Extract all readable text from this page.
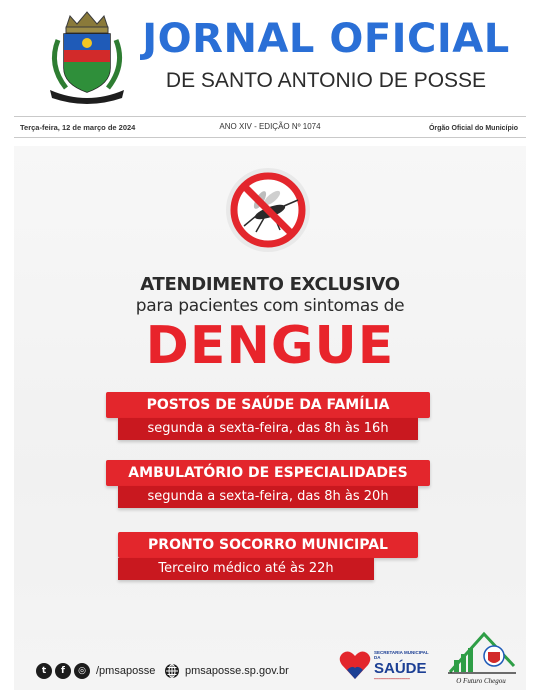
JORNAL OFICIAL
DE SANTO ANTONIO DE POSSE
Terça-feira, 12 de março de 2024	ANO XIV - EDIÇÃO Nº 1074	Órgão Oficial do Município
ATENDIMENTO EXCLUSIVO
para pacientes com sintomas de
DENGUE
POSTOS DE SAÚDE DA FAMÍLIA
segunda a sexta-feira, das 8h às 16h
AMBULATÓRIO DE ESPECIALIDADES
segunda a sexta-feira, das 8h às 20h
PRONTO SOCORRO MUNICIPAL
Terceiro médico até às 22h
t	f	◎ /pmsaposse	pmsaposse.sp.gov.br
SECRETARIA MUNICIPAL DA
SAÚDE
━━━━━━━━━━━━━━━━━	O Futuro Chegou
